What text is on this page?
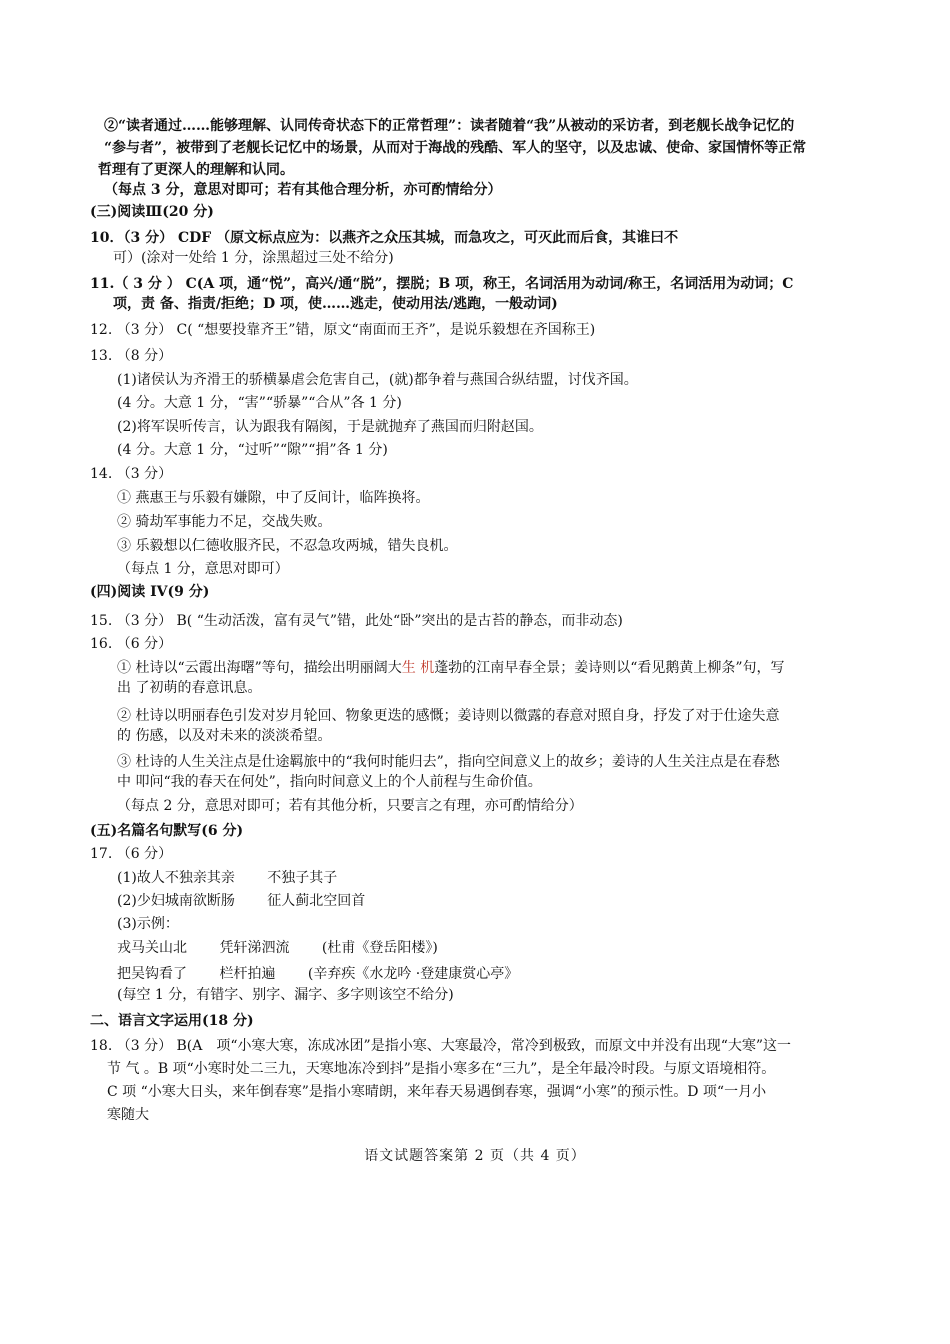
②“读者通过……能够理解、认同传奇状态下的正常哲理”：读者随着“我”从被动的采访者，到老舰长战争记忆的
“参与者”，被带到了老舰长记忆中的场景，从而对于海战的残酷、军人的坚守，以及忠诚、使命、家国情怀等正常
哲理有了更深人的理解和认同。
（每点 3 分，意思对即可；若有其他合理分析，亦可酌情给分）
(三)阅读Ⅲ(20 分)
10．（3 分） CDF （原文标点应为：以燕齐之众压其城，而急攻之，可灭此而后食，其谁曰不
可）(涂对一处给 1 分，涂黑超过三处不给分)
11.（ 3 分 ） C(A 项，通“悦”，高兴/通“脱”，摆脱；B 项，称王，名词活用为动词/称王，名词活用为动词；C
项，责 备、指责/拒绝；D 项，使……逃走，使动用法/逃跑，一般动词)
12. （3 分） C( “想要投靠齐王”错，原文“南面而王齐”，是说乐毅想在齐国称王)
13. （8 分）
(1)诸侯认为齐滑王的骄横暴虐会危害自己，(就)都争着与燕国合纵结盟，讨伐齐国。
(4 分。大意 1 分，“害”“骄暴”“合从”各 1 分)
(2)将军误听传言，认为跟我有隔阂，于是就抛弃了燕国而归附赵国。
(4 分。大意 1 分，“过听”“隙”“捐”各 1 分)
14. （3 分）
① 燕惠王与乐毅有嫌隙，中了反间计，临阵换将。
② 骑劫军事能力不足，交战失败。
③ 乐毅想以仁德收服齐民，不忍急攻两城，错失良机。
（每点 1 分，意思对即可）
(四)阅读 IV(9 分)
15. （3 分） B( “生动活泼，富有灵气”错，此处“卧”突出的是古苔的静态，而非动态)
16. （6 分）
① 杜诗以“云霞出海曙”等句，描绘出明丽阔大生 机蓬勃的江南早春全景；姜诗则以“看见鹅黄上柳条”句，写
出 了初萌的春意讯息。
② 杜诗以明丽春色引发对岁月轮回、物象更迭的感慨；姜诗则以微露的春意对照自身，抒发了对于仕途失意
的 伤感，以及对未来的淡淡希望。
③ 杜诗的人生关注点是仕途羁旅中的“我何时能归去”，指向空间意义上的故乡；姜诗的人生关注点是在春愁
中 叩问“我的春天在何处”，指向时间意义上的个人前程与生命价值。
（每点 2 分，意思对即可；若有其他分析，只要言之有理，亦可酌情给分）
(五)名篇名句默写(6 分)
17. （6 分）
(1)故人不独亲其亲　　 不独子其子
(2)少妇城南欲断肠　　 征人蓟北空回首
(3)示例：
戎马关山北　　 凭轩涕泗流　　 (杜甫《登岳阳楼》)
把吴钩看了　　 栏杆拍遍　　 (辛弃疾《水龙吟 ·登建康赏心亭》
(每空 1 分，有错字、别字、漏字、多字则该空不给分)
二、语言文字运用(18 分)
18. （3 分） B(A　项“小寒大寒，冻成冰团”是指小寒、大寒最冷，常冷到极致，而原文中并没有出现“大寒”这一
节 气 。B 项“小寒时处二三九，天寒地冻冷到抖”是指小寒多在“三九”，是全年最冷时段。与原文语境相符。
C 项 “小寒大日头，来年倒春寒”是指小寒晴朗，来年春天易遇倒春寒，强调“小寒”的预示性。D 项“一月小
寒随大
语文试题答案第 2 页（共 4 页）
